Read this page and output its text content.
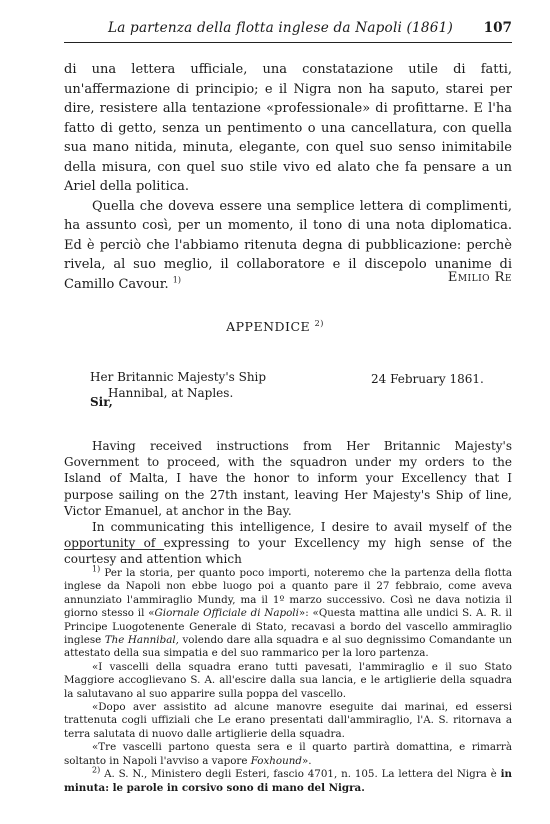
La partenza della flotta inglese da Napoli (1861) 107

di una lettera ufficiale, una constatazione utile di fatti, un'affermazione di principio; e il Nigra non ha saputo, starei per dire, resistere alla tentazione «professionale» di profittarne. E l'ha fatto di getto, senza un pentimento o una cancellatura, con quella sua mano nitida, minuta, elegante, con quel suo senso inimitabile della misura, con quel suo stile vivo ed alato che fa pensare a un Ariel della politica.

Quella che doveva essere una semplice lettera di complimenti, ha assunto così, per un momento, il tono di una nota diplomatica. Ed è perciò che l'abbiamo ritenuta degna di pubblicazione: perchè rivela, al suo meglio, il collaboratore e il discepolo unanime di Camillo Cavour. $^{1)}$	Emilio Re
APPENDICE $^{2)}$
Her Britannic Majesty's Ship
Hannibal, at Naples.
24 February 1861.
Sir,

Having received instructions from Her Britannic Majesty's Government to proceed, with the squadron under my orders to the Island of Malta, I have the honor to inform your Excellency that I purpose sailing on the 27th instant, leaving Her Majesty's Ship of line, Victor Emanuel, at anchor in the Bay.

In communicating this intelligence, I desire to avail myself of the opportunity of expressing to your Excellency my high sense of the courtesy and attention which

$^{1)}$ Per la storia, per quanto poco importi, noteremo che la partenza della flotta inglese da Napoli non ebbe luogo poi a quanto pare il 27 febbraio, come aveva annunziato l'ammiraglio Mundy, ma il 1º marzo successivo. Così ne dava notizia il giorno stesso il «Giornale Officiale di Napoli»: «Questa mattina alle undici S. A. R. il Principe Luogotenente Generale di Stato, recavasi a bordo del vascello ammiraglio inglese The Hannibal, volendo dare alla squadra e al suo degnissimo Comandante un attestato della sua simpatia e del suo rammarico per la loro partenza.

«I vascelli della squadra erano tutti pavesati, l'ammiraglio e il suo Stato Maggiore accoglievano S. A. all'escire dalla sua lancia, e le artiglierie della squadra la salutavano al suo apparire sulla poppa del vascello.

«Dopo aver assistito ad alcune manovre eseguite dai marinai, ed essersi trattenuta cogli uffiziali che Le erano presentati dall'ammiraglio, l'A. S. ritornava a terra salutata di nuovo dalle artiglierie della squadra.

«Tre vascelli partono questa sera e il quarto partirà domattina, e rimarrà soltanto in Napoli l'avviso a vapore Foxhound».

$^{2)}$ A. S. N., Ministero degli Esteri, fascio 4701, n. 105. La lettera del Nigra è in minuta: le parole in corsivo sono di mano del Nigra.
